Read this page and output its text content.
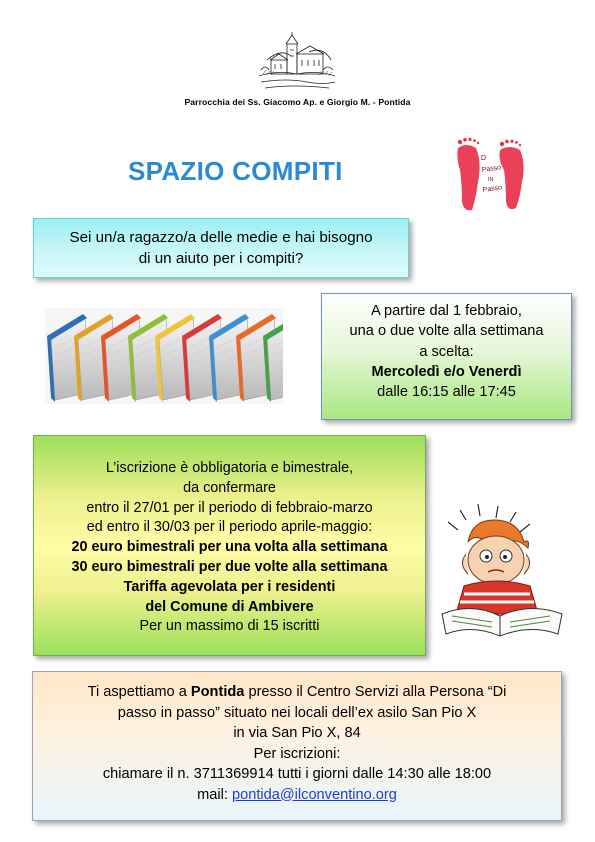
Parrocchia dei Ss. Giacomo Ap. e Giorgio M. - Pontida
SPAZIO COMPITI	D
Passo
IN
Passo
Sei un/a ragazzo/a delle medie e hai bisogno
di un aiuto per i compiti?
A partire dal 1 febbraio,
una o due volte alla settimana
a scelta:
Mercoledì e/o Venerdì
dalle 16:15 alle 17:45
L’iscrizione è obbligatoria e bimestrale,
da confermare
entro il 27/01 per il periodo di febbraio-marzo
ed entro il 30/03 per il periodo aprile-maggio:
20 euro bimestrali per una volta alla settimana
30 euro bimestrali per due volte alla settimana
Tariffa agevolata per i residenti
del Comune di Ambivere
Per un massimo di 15 iscritti
Ti aspettiamo a Pontida presso il Centro Servizi alla Persona “Di
passo in passo” situato nei locali dell’ex asilo San Pio X
in via San Pio X, 84
Per iscrizioni:
chiamare il n. 3711369914 tutti i giorni dalle 14:30 alle 18:00
mail: pontida@ilconventino.org
